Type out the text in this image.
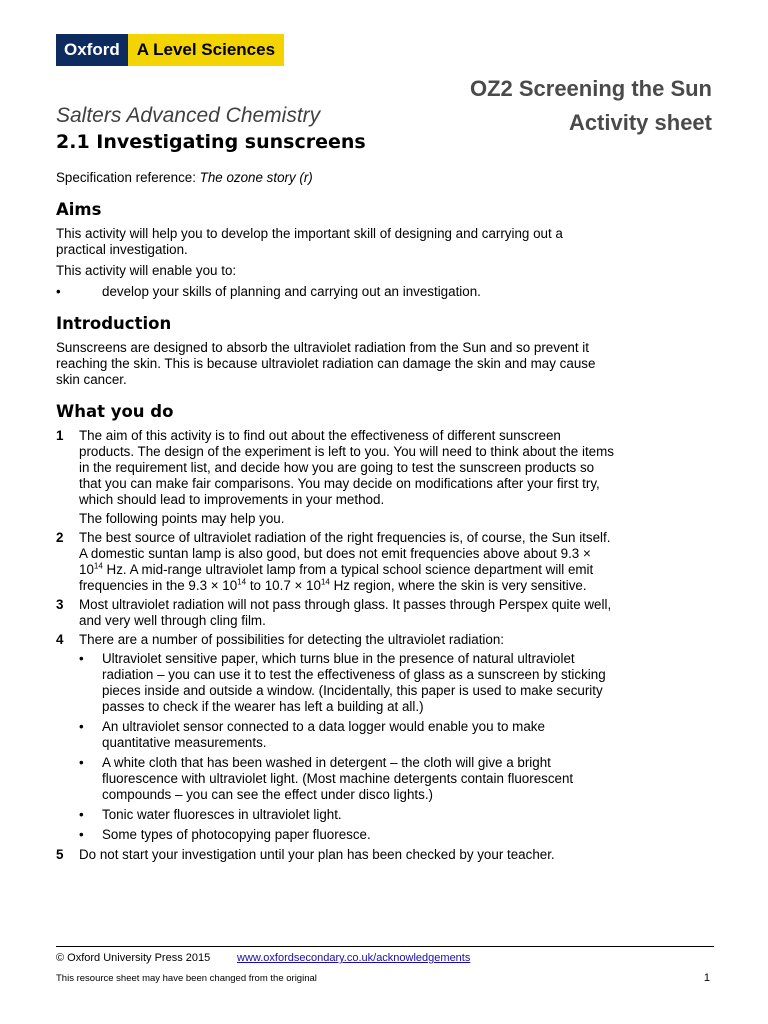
Oxford	A Level Sciences
Salters Advanced Chemistry
OZ2 Screening the Sun
Activity sheet
2.1 Investigating sunscreens

Specification reference: The ozone story (r)

Aims

This activity will help you to develop the important skill of designing and carrying out a practical investigation.

This activity will enable you to:

•	develop your skills of planning and carrying out an investigation.
Introduction

Sunscreens are designed to absorb the ultraviolet radiation from the Sun and so prevent it reaching the skin. This is because ultraviolet radiation can damage the skin and may cause skin cancer.

What you do
1	The aim of this activity is to find out about the effectiveness of different sunscreen products. The design of the experiment is left to you. You will need to think about the items in the requirement list, and decide how you are going to test the sunscreen products so that you can make fair comparisons. You may decide on modifications after your first try, which should lead to improvements in your method.

The following points may help you.

2	The best source of ultraviolet radiation of the right frequencies is, of course, the Sun itself. A domestic suntan lamp is also good, but does not emit frequencies above about $9.3 \times 10^{14}$ Hz. A mid-range ultraviolet lamp from a typical school science department will emit frequencies in the $9.3 \times 10^{14}$ to $10.7 \times 10^{14}$ Hz region, where the skin is very sensitive.
3	Most ultraviolet radiation will not pass through glass. It passes through Perspex quite well, and very well through cling film.
4	There are a number of possibilities for detecting the ultraviolet radiation:
•	Ultraviolet sensitive paper, which turns blue in the presence of natural ultraviolet radiation – you can use it to test the effectiveness of glass as a sunscreen by sticking pieces inside and outside a window. (Incidentally, this paper is used to make security passes to check if the wearer has left a building at all.)
•	An ultraviolet sensor connected to a data logger would enable you to make quantitative measurements.
•	A white cloth that has been washed in detergent – the cloth will give a bright fluorescence with ultraviolet light. (Most machine detergents contain fluorescent compounds – you can see the effect under disco lights.)
•	Tonic water fluoresces in ultraviolet light.
•	Some types of photocopying paper fluoresce.
5	Do not start your investigation until your plan has been checked by your teacher.
© Oxford University Press 2015 www.oxfordsecondary.co.uk/acknowledgements
This resource sheet may have been changed from the original	1
